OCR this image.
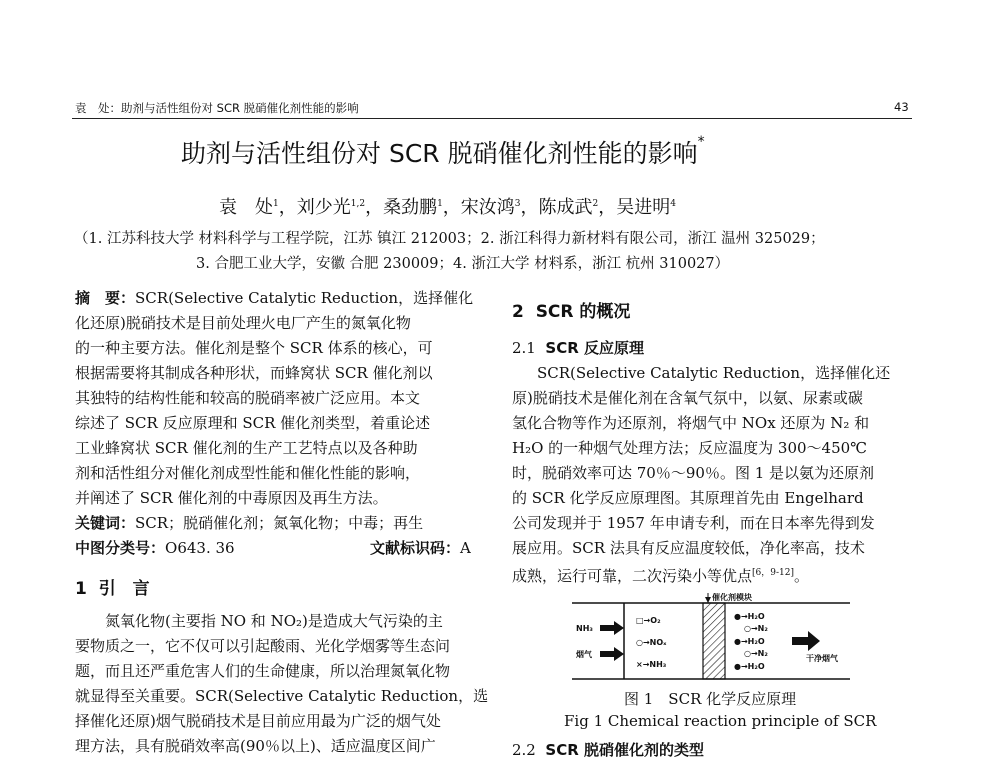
袁　处：助剂与活性组份对 SCR 脱硝催化剂性能的影响	43
助剂与活性组份对 SCR 脱硝催化剂性能的影响*
袁　处$^1$，刘少光$^{1,2}$，桑劲鹏$^1$，宋汝鸿$^3$，陈成武$^2$，吴进明$^4$
（1. 江苏科技大学 材料科学与工程学院，江苏 镇江 212003；2. 浙江科得力新材料有限公司，浙江 温州 325029；
3. 合肥工业大学，安徽 合肥 230009；4. 浙江大学 材料系，浙江 杭州 310027）
摘　要：SCR(Selective Catalytic Reduction，选择催化
化还原)脱硝技术是目前处理火电厂产生的氮氧化物
的一种主要方法。催化剂是整个 SCR 体系的核心，可
根据需要将其制成各种形状，而蜂窝状 SCR 催化剂以
其独特的结构性能和较高的脱硝率被广泛应用。本文
综述了 SCR 反应原理和 SCR 催化剂类型，着重论述
工业蜂窝状 SCR 催化剂的生产工艺特点以及各种助
剂和活性组分对催化剂成型性能和催化性能的影响，
并阐述了 SCR 催化剂的中毒原因及再生方法。
关键词：SCR；脱硝催化剂；氮氧化物；中毒；再生
中图分类号：O643. 36	文献标识码：A
1 引　言
氮氧化物(主要指 NO 和 NO₂)是造成大气污染的主
要物质之一，它不仅可以引起酸雨、光化学烟雾等生态问
题，而且还严重危害人们的生命健康，所以治理氮氧化物
就显得至关重要。SCR(Selective Catalytic Reduction，选
择催化还原)烟气脱硝技术是目前应用最为广泛的烟气处
理方法，具有脱硝效率高(90％以上)、适应温度区间广
2 SCR 的概况
2.1 SCR 反应原理
SCR(Selective Catalytic Reduction，选择催化还
原)脱硝技术是催化剂在含氧气氛中，以氨、尿素或碳
氢化合物等作为还原剂，将烟气中 NOx 还原为 N₂ 和
H₂O 的一种烟气处理方法；反应温度为 300～450℃
时，脱硝效率可达 70％～90％。图 1 是以氨为还原剂
的 SCR 化学反应原理图。其原理首先由 Engelhard
公司发现并于 1957 年申请专利，而在日本率先得到发
展应用。SCR 法具有反应温度较低，净化率高，技术
成熟，运行可靠，二次污染小等优点[6，9-12]。
催化剂模块
NH₃
烟气
□→O₂
○→NOₓ
×→NH₃
●→H₂O
○→N₂
●→H₂O
○→N₂
●→H₂O
干净烟气
图 1　SCR 化学反应原理
Fig 1 Chemical reaction principle of SCR
2.2 SCR 脱硝催化剂的类型
